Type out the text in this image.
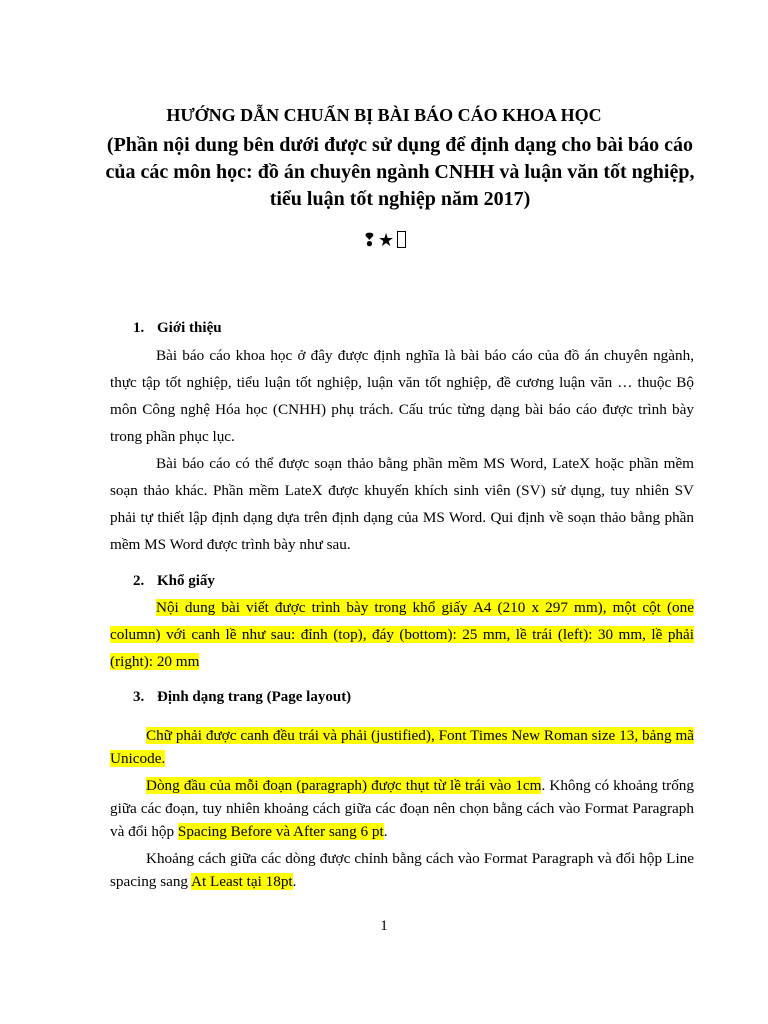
HƯỚNG DẪN CHUẨN BỊ BÀI BÁO CÁO KHOA HỌC
(Phần nội dung bên dưới được sử dụng để định dạng cho bài báo cáo của các môn học: đồ án chuyên ngành CNHH và luận văn tốt nghiệp, tiểu luận tốt nghiệp năm 2017)
❢★
1. Giới thiệu
Bài báo cáo khoa học ở đây được định nghĩa là bài báo cáo của đồ án chuyên ngành, thực tập tốt nghiệp, tiểu luận tốt nghiệp, luận văn tốt nghiệp, đề cương luận văn … thuộc Bộ môn Công nghệ Hóa học (CNHH) phụ trách. Cấu trúc từng dạng bài báo cáo được trình bày trong phần phục lục.
Bài báo cáo có thể được soạn thảo bằng phần mềm MS Word, LateX hoặc phần mềm soạn thảo khác. Phần mềm LateX được khuyến khích sinh viên (SV) sử dụng, tuy nhiên SV phải tự thiết lập định dạng dựa trên định dạng của MS Word. Qui định về soạn thảo bằng phần mềm MS Word được trình bày như sau.
2. Khổ giấy
Nội dung bài viết được trình bày trong khổ giấy A4 (210 x 297 mm), một cột (one column) với canh lề như sau: đỉnh (top), đáy (bottom): 25 mm, lề trái (left): 30 mm, lề phải (right): 20 mm
3. Định dạng trang (Page layout)
Chữ phải được canh đều trái và phải (justified), Font Times New Roman size 13, bảng mã Unicode.
Dòng đầu của mỗi đoạn (paragraph) được thụt từ lề trái vào 1cm. Không có khoảng trống giữa các đoạn, tuy nhiên khoảng cách giữa các đoạn nên chọn bằng cách vào Format Paragraph và đổi hộp Spacing Before và After sang 6 pt.
Khoảng cách giữa các dòng được chỉnh bằng cách vào Format Paragraph và đổi hộp Line spacing sang At Least tại 18pt.
1
